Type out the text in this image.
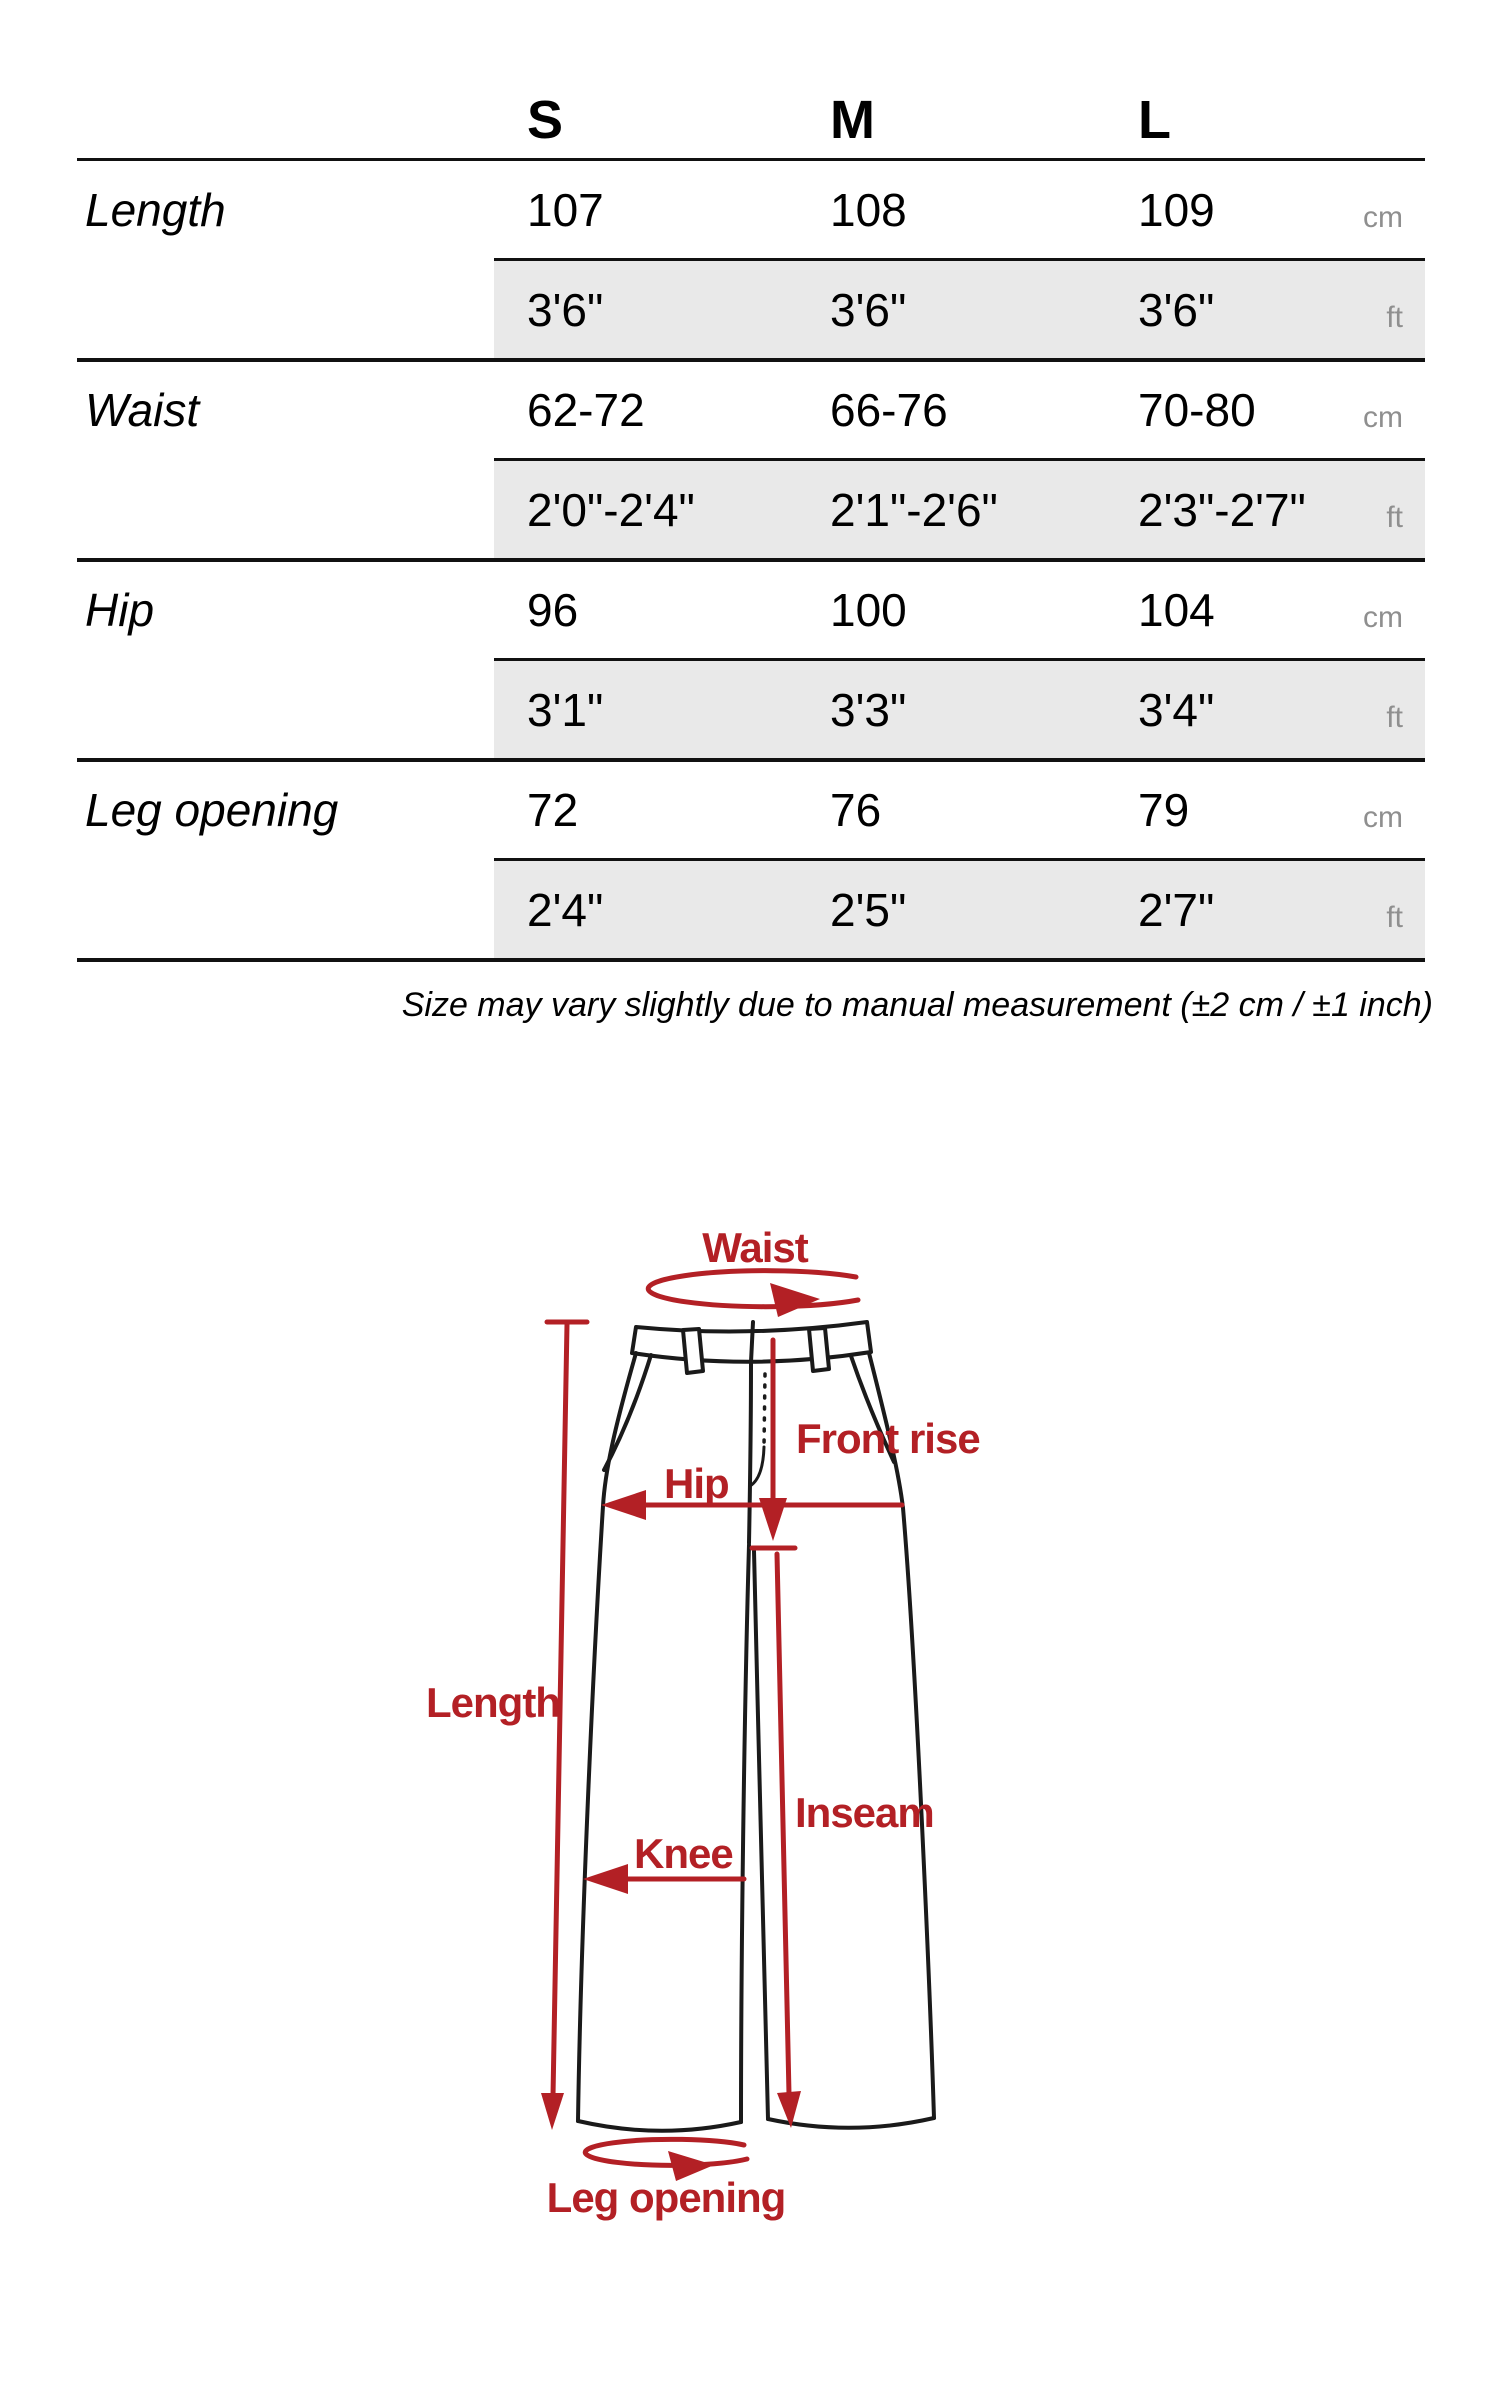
S	M	L
Length	107	108	109	cm
3'6"	3'6"	3'6"	ft
Waist	62-72	66-76	70-80	cm
2'0"-2'4"	2'1"-2'6"	2'3"-2'7"	ft
Hip	96	100	104	cm
3'1"	3'3"	3'4"	ft
Leg opening	72	76	79	cm
2'4"	2'5"	2'7"	ft
Size may vary slightly due to manual measurement (±2 cm / ±1 inch)
Waist
Front rise
Hip
Length
Inseam
Knee
Leg opening
